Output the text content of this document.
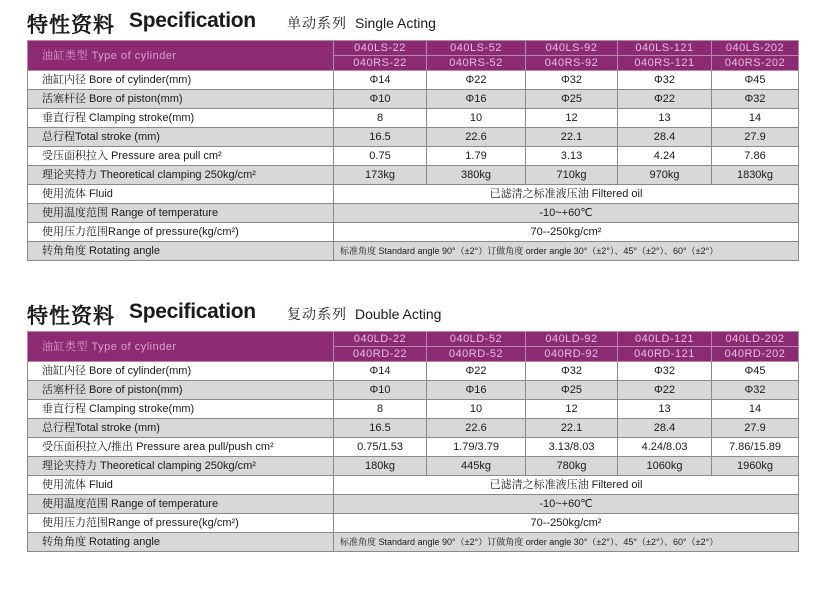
特性资料 Specification 单动系列 Single Acting
油缸类型 Type of cylinder	040LS-22	040LS-52	040LS-92	040LS-121	040LS-202
	040RS-22	040RS-52	040RS-92	040RS-121	040RS-202
油缸内径 Bore of cylinder(mm)	Φ14	Φ22	Φ32	Φ32	Φ45
活塞杆径 Bore of piston(mm)	Φ10	Φ16	Φ25	Φ22	Φ32
垂直行程 Clamping stroke(mm)	8	10	12	13	14
总行程Total stroke (mm)	16.5	22.6	22.1	28.4	27.9
受压面积拉入 Pressure area pull cm²	0.75	1.79	3.13	4.24	7.86
理论夹持力 Theoretical clamping 250kg/cm²	173kg	380kg	710kg	970kg	1830kg
使用流体 Fluid	已滤清之标准液压油 Filtered oil				
使用温度范围 Range of temperature	-10~+60℃				
使用压力范围Range of pressure(kg/cm²)	70--250kg/cm²				
转角角度 Rotating angle	标准角度 Standard angle 90°（±2°）订做角度 order angle 30°（±2°）、45°（±2°）、60°（±2°）				
特性资料 Specification 复动系列 Double Acting
油缸类型 Type of cylinder	040LD-22	040LD-52	040LD-92	040LD-121	040LD-202
	040RD-22	040RD-52	040RD-92	040RD-121	040RD-202
油缸内径 Bore of cylinder(mm)	Φ14	Φ22	Φ32	Φ32	Φ45
活塞杆径 Bore of piston(mm)	Φ10	Φ16	Φ25	Φ22	Φ32
垂直行程 Clamping stroke(mm)	8	10	12	13	14
总行程Total stroke (mm)	16.5	22.6	22.1	28.4	27.9
受压面积拉入/推出 Pressure area pull/push cm²	0.75/1.53	1.79/3.79	3.13/8.03	4.24/8.03	7.86/15.89
理论夹持力 Theoretical clamping 250kg/cm²	180kg	445kg	780kg	1060kg	1960kg
使用流体 Fluid	已滤清之标准液压油 Filtered oil				
使用温度范围 Range of temperature	-10~+60℃				
使用压力范围Range of pressure(kg/cm²)	70--250kg/cm²				
转角角度 Rotating angle	标准角度 Standard angle 90°（±2°）订做角度 order angle 30°（±2°）、45°（±2°）、60°（±2°）				
